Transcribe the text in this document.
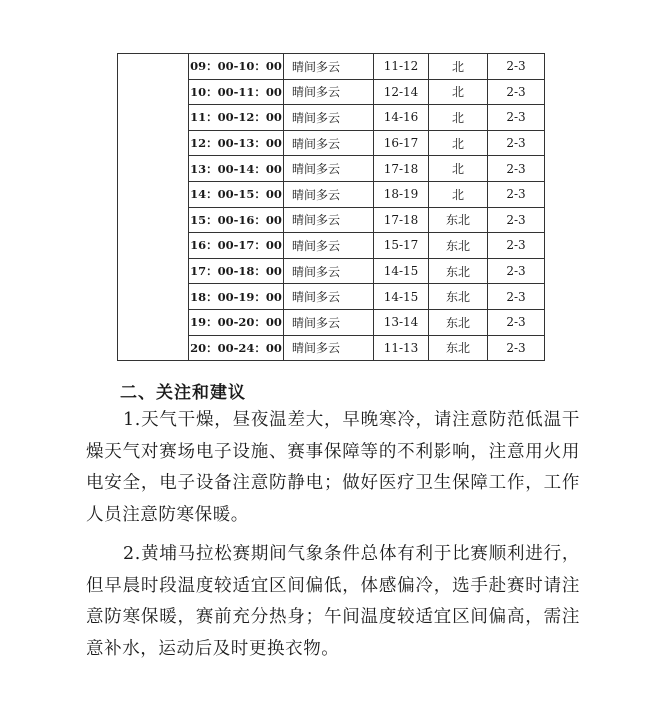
	09：00-10：00	晴间多云	11-12	北	2-3
	10：00-11：00	晴间多云	12-14	北	2-3
	11：00-12：00	晴间多云	14-16	北	2-3
	12：00-13：00	晴间多云	16-17	北	2-3
	13：00-14：00	晴间多云	17-18	北	2-3
	14：00-15：00	晴间多云	18-19	北	2-3
	15：00-16：00	晴间多云	17-18	东北	2-3
	16：00-17：00	晴间多云	15-17	东北	2-3
	17：00-18：00	晴间多云	14-15	东北	2-3
	18：00-19：00	晴间多云	14-15	东北	2-3
	19：00-20：00	晴间多云	13-14	东北	2-3
	20：00-24：00	晴间多云	11-13	东北	2-3
二、关注和建议

1.天气干燥，昼夜温差大，早晚寒冷，请注意防范低温干燥天气对赛场电子设施、赛事保障等的不利影响，注意用火用电安全，电子设备注意防静电；做好医疗卫生保障工作，工作人员注意防寒保暖。

2.黄埔马拉松赛期间气象条件总体有利于比赛顺利进行，但早晨时段温度较适宜区间偏低，体感偏冷，选手赴赛时请注意防寒保暖，赛前充分热身；午间温度较适宜区间偏高，需注意补水，运动后及时更换衣物。
